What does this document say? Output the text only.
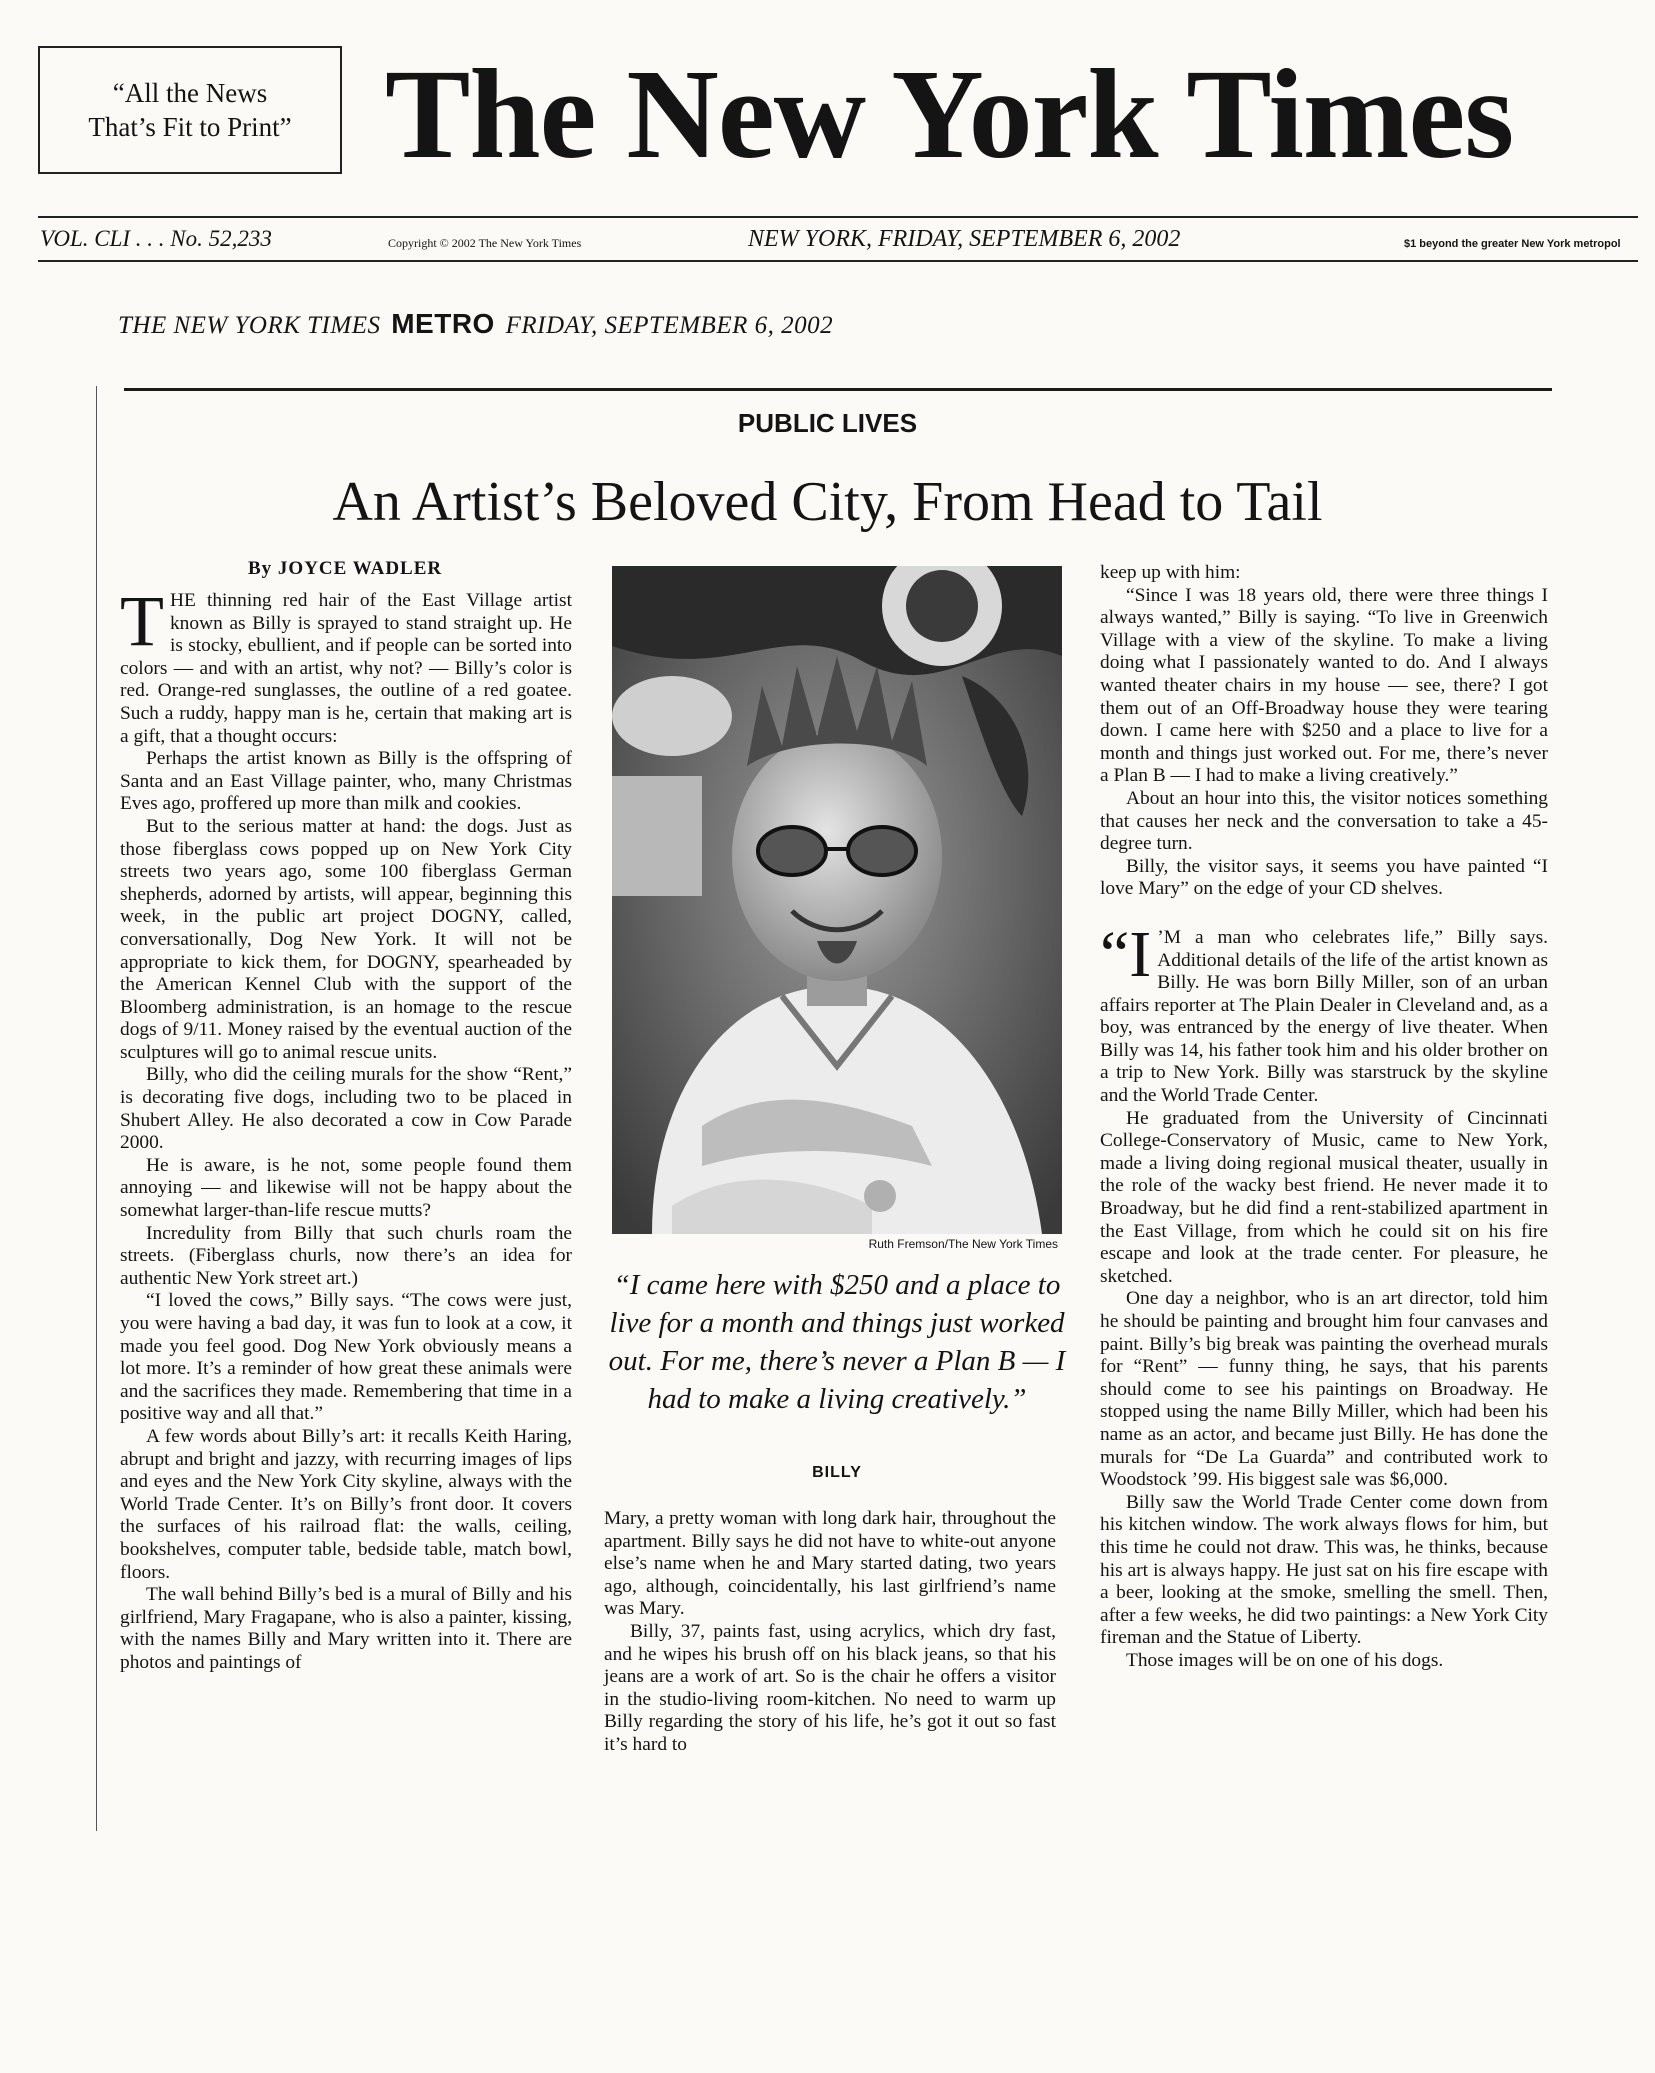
“All the News
That’s Fit to Print” The New York Times
VOL. CLI . . . No. 52,233	Copyright © 2002 The New York Times	NEW YORK, FRIDAY, SEPTEMBER 6, 2002	$1 beyond the greater New York metropol
THE NEW YORK TIMES METRO FRIDAY, SEPTEMBER 6, 2002
PUBLIC LIVES
An Artist’s Beloved City, From Head to Tail
By JOYCE WADLER

THE thinning red hair of the East Village artist known as Billy is sprayed to stand straight up. He is stocky, ebullient, and if people can be sorted into colors — and with an artist, why not? — Billy’s color is red. Orange-red sunglasses, the outline of a red goatee. Such a ruddy, happy man is he, certain that making art is a gift, that a thought occurs:

Perhaps the artist known as Billy is the offspring of Santa and an East Village painter, who, many Christmas Eves ago, proffered up more than milk and cookies.

But to the serious matter at hand: the dogs. Just as those fiberglass cows popped up on New York City streets two years ago, some 100 fiberglass German shepherds, adorned by artists, will appear, beginning this week, in the public art project DOGNY, called, conversationally, Dog New York. It will not be appropriate to kick them, for DOGNY, spearheaded by the American Kennel Club with the support of the Bloomberg administration, is an homage to the rescue dogs of 9/11. Money raised by the eventual auction of the sculptures will go to animal rescue units.

Billy, who did the ceiling murals for the show “Rent,” is decorating five dogs, including two to be placed in Shubert Alley. He also decorated a cow in Cow Parade 2000.

He is aware, is he not, some people found them annoying — and likewise will not be happy about the somewhat larger-than-life rescue mutts?

Incredulity from Billy that such churls roam the streets. (Fiberglass churls, now there’s an idea for authentic New York street art.)

“I loved the cows,” Billy says. “The cows were just, you were having a bad day, it was fun to look at a cow, it made you feel good. Dog New York obviously means a lot more. It’s a reminder of how great these animals were and the sacrifices they made. Remembering that time in a positive way and all that.”

A few words about Billy’s art: it recalls Keith Haring, abrupt and bright and jazzy, with recurring images of lips and eyes and the New York City skyline, always with the World Trade Center. It’s on Billy’s front door. It covers the surfaces of his railroad flat: the walls, ceiling, bookshelves, computer table, bedside table, match bowl, floors.

The wall behind Billy’s bed is a mural of Billy and his girlfriend, Mary Fragapane, who is also a painter, kissing, with the names Billy and Mary written into it. There are photos and paintings of

Ruth Fremson/The New York Times
“I came here with $250 and a place to live for a month and things just worked out. For me, there’s never a Plan B — I had to make a living creatively.”
BILLY

Mary, a pretty woman with long dark hair, throughout the apartment. Billy says he did not have to white-out anyone else’s name when he and Mary started dating, two years ago, although, coincidentally, his last girlfriend’s name was Mary.

Billy, 37, paints fast, using acrylics, which dry fast, and he wipes his brush off on his black jeans, so that his jeans are a work of art. So is the chair he offers a visitor in the studio-living room-kitchen. No need to warm up Billy regarding the story of his life, he’s got it out so fast it’s hard to

keep up with him:

“Since I was 18 years old, there were three things I always wanted,” Billy is saying. “To live in Greenwich Village with a view of the skyline. To make a living doing what I passionately wanted to do. And I always wanted theater chairs in my house — see, there? I got them out of an Off-Broadway house they were tearing down. I came here with $250 and a place to live for a month and things just worked out. For me, there’s never a Plan B — I had to make a living creatively.”

About an hour into this, the visitor notices something that causes her neck and the conversation to take a 45-degree turn.

Billy, the visitor says, it seems you have painted “I love Mary” on the edge of your CD shelves.

“I ’M a man who celebrates life,” Billy says. Additional details of the life of the artist known as Billy. He was born Billy Miller, son of an urban affairs reporter at The Plain Dealer in Cleveland and, as a boy, was entranced by the energy of live theater. When Billy was 14, his father took him and his older brother on a trip to New York. Billy was starstruck by the skyline and the World Trade Center.

He graduated from the University of Cincinnati College-Conservatory of Music, came to New York, made a living doing regional musical theater, usually in the role of the wacky best friend. He never made it to Broadway, but he did find a rent-stabilized apartment in the East Village, from which he could sit on his fire escape and look at the trade center. For pleasure, he sketched.

One day a neighbor, who is an art director, told him he should be painting and brought him four canvases and paint. Billy’s big break was painting the overhead murals for “Rent” — funny thing, he says, that his parents should come to see his paintings on Broadway. He stopped using the name Billy Miller, which had been his name as an actor, and became just Billy. He has done the murals for “De La Guarda” and contributed work to Woodstock ’99. His biggest sale was $6,000.

Billy saw the World Trade Center come down from his kitchen window. The work always flows for him, but this time he could not draw. This was, he thinks, because his art is always happy. He just sat on his fire escape with a beer, looking at the smoke, smelling the smell. Then, after a few weeks, he did two paintings: a New York City fireman and the Statue of Liberty.

Those images will be on one of his dogs.
